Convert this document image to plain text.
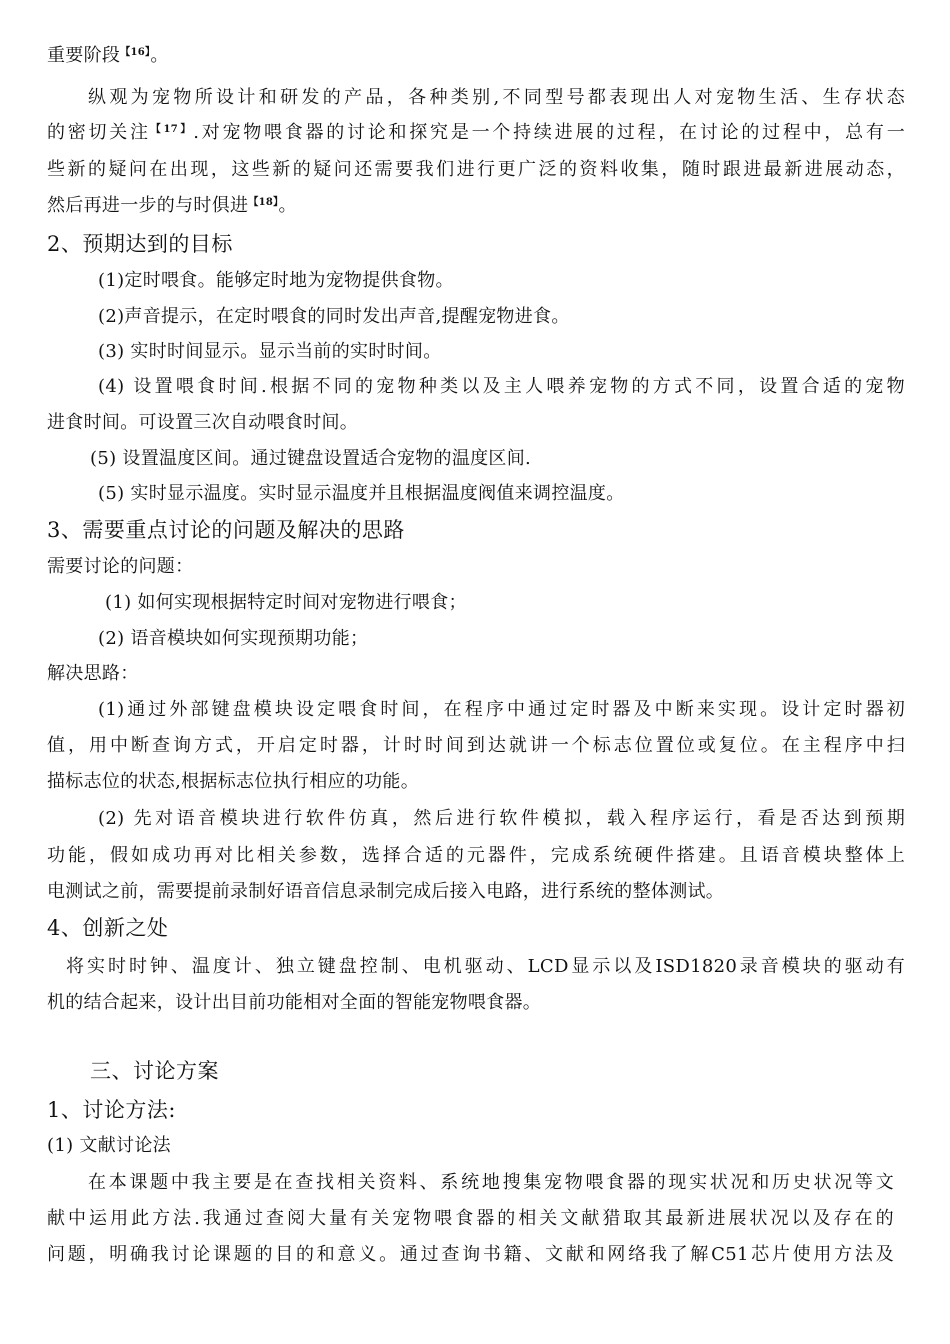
重要阶段$^{【16】}$。
纵观为宠物所设计和研发的产品，各种类别,不同型号都表现出人对宠物生活、生存状态
的密切关注$^{【17】}$.对宠物喂食器的讨论和探究是一个持续进展的过程，在讨论的过程中，总有一
些新的疑问在出现，这些新的疑问还需要我们进行更广泛的资料收集，随时跟进最新进展动态，
然后再进一步的与时俱进$^{【18】}$。
2、预期达到的目标
(1)定时喂食。能够定时地为宠物提供食物。
(2)声音提示，在定时喂食的同时发出声音,提醒宠物进食。
(3) 实时时间显示。显示当前的实时时间。
(4) 设置喂食时间.根据不同的宠物种类以及主人喂养宠物的方式不同，设置合适的宠物
进食时间。可设置三次自动喂食时间。
(5) 设置温度区间。通过键盘设置适合宠物的温度区间.
(5) 实时显示温度。实时显示温度并且根据温度阀值来调控温度。
3、需要重点讨论的问题及解决的思路
需要讨论的问题：
(1) 如何实现根据特定时间对宠物进行喂食；
(2) 语音模块如何实现预期功能；
解决思路：
(1)通过外部键盘模块设定喂食时间，在程序中通过定时器及中断来实现。设计定时器初
值，用中断查询方式，开启定时器，计时时间到达就讲一个标志位置位或复位。在主程序中扫
描标志位的状态,根据标志位执行相应的功能。
(2) 先对语音模块进行软件仿真，然后进行软件模拟，载入程序运行，看是否达到预期
功能，假如成功再对比相关参数，选择合适的元器件，完成系统硬件搭建。且语音模块整体上
电测试之前，需要提前录制好语音信息录制完成后接入电路，进行系统的整体测试。
4、创新之处
将实时时钟、温度计、独立键盘控制、电机驱动、LCD显示以及ISD1820录音模块的驱动有
机的结合起来，设计出目前功能相对全面的智能宠物喂食器。
三、讨论方案
1、讨论方法:
(1) 文献讨论法
在本课题中我主要是在查找相关资料、系统地搜集宠物喂食器的现实状况和历史状况等文
献中运用此方法.我通过查阅大量有关宠物喂食器的相关文献猎取其最新进展状况以及存在的
问题，明确我讨论课题的目的和意义。通过查询书籍、文献和网络我了解C51芯片使用方法及
